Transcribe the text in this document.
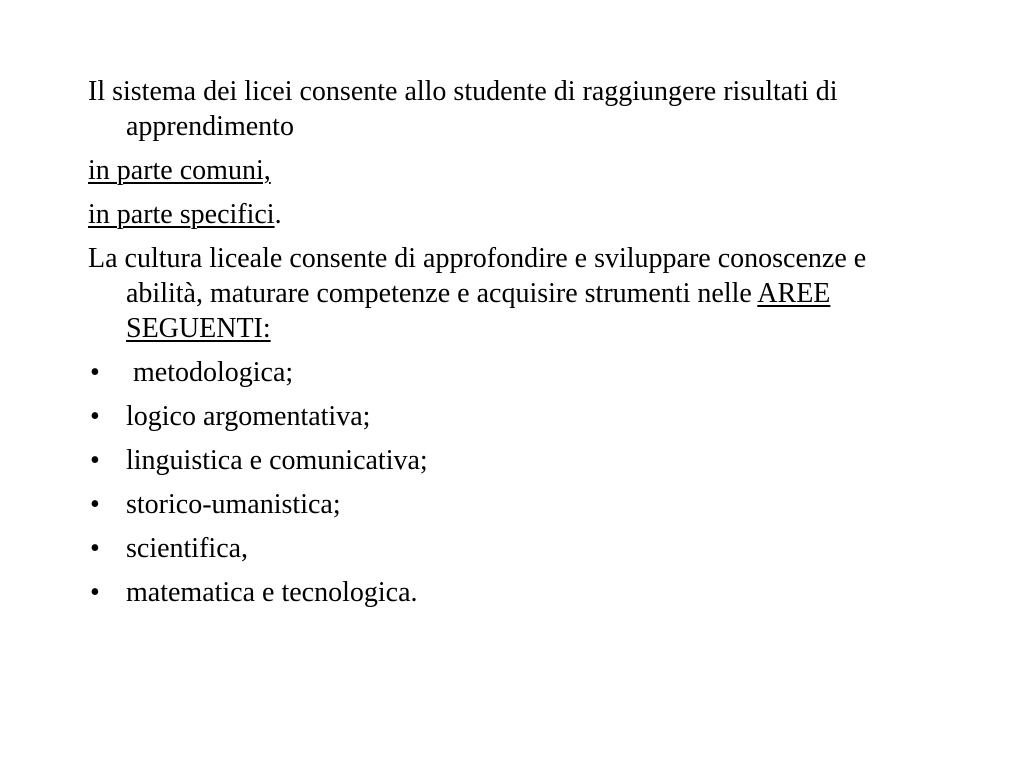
Il sistema dei licei consente allo studente di raggiungere risultati di apprendimento

in parte comuni,

in parte specifici.

La cultura liceale consente di approfondire e sviluppare conoscenze e abilità, maturare competenze e acquisire strumenti nelle AREE SEGUENTI:

• metodologica;
• logico argomentativa;
• linguistica e comunicativa;
• storico-umanistica;
• scientifica,
• matematica e tecnologica.
